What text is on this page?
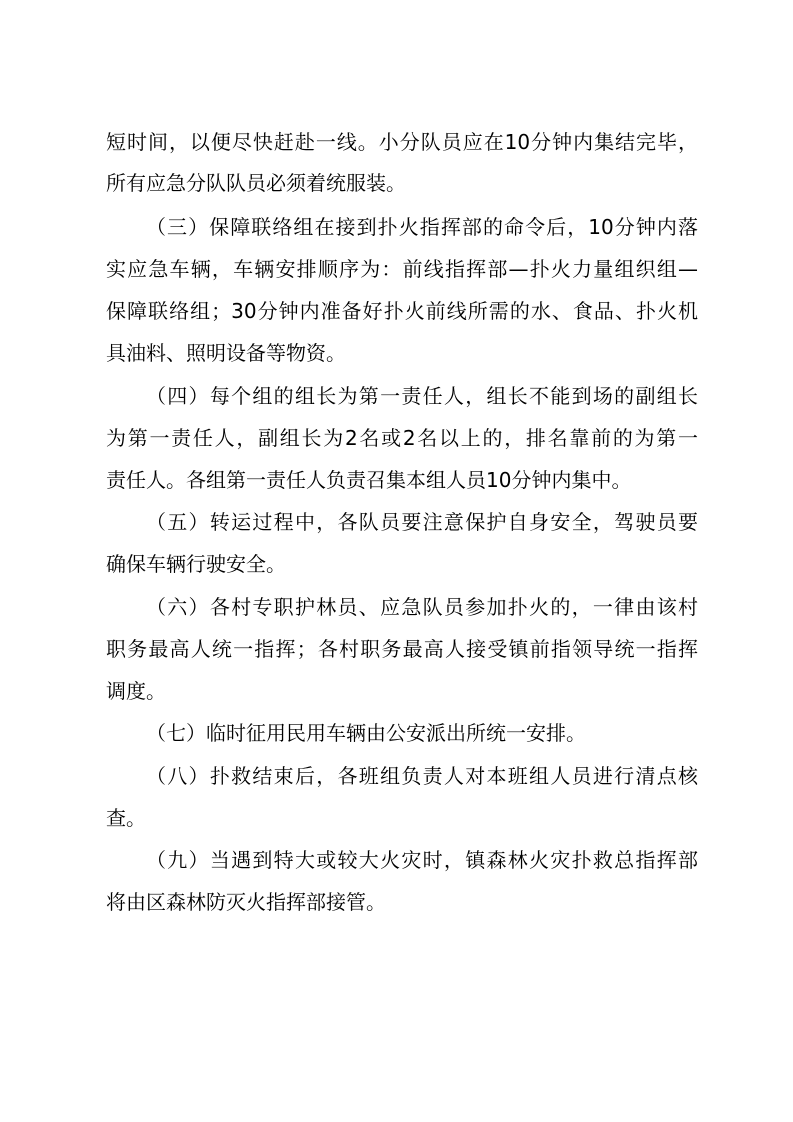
短时间，以便尽快赶赴一线。小分队员应在10分钟内集结完毕，
所有应急分队队员必须着统服装。
（三）保障联络组在接到扑火指挥部的命令后，10分钟内落
实应急车辆，车辆安排顺序为：前线指挥部—扑火力量组织组—
保障联络组；30分钟内准备好扑火前线所需的水、食品、扑火机
具油料、照明设备等物资。
（四）每个组的组长为第一责任人，组长不能到场的副组长
为第一责任人，副组长为2名或2名以上的，排名靠前的为第一
责任人。各组第一责任人负责召集本组人员10分钟内集中。
（五）转运过程中，各队员要注意保护自身安全，驾驶员要
确保车辆行驶安全。
（六）各村专职护林员、应急队员参加扑火的，一律由该村
职务最高人统一指挥；各村职务最高人接受镇前指领导统一指挥
调度。
（七）临时征用民用车辆由公安派出所统一安排。
（八）扑救结束后，各班组负责人对本班组人员进行清点核
查。
（九）当遇到特大或较大火灾时，镇森林火灾扑救总指挥部
将由区森林防灭火指挥部接管。
